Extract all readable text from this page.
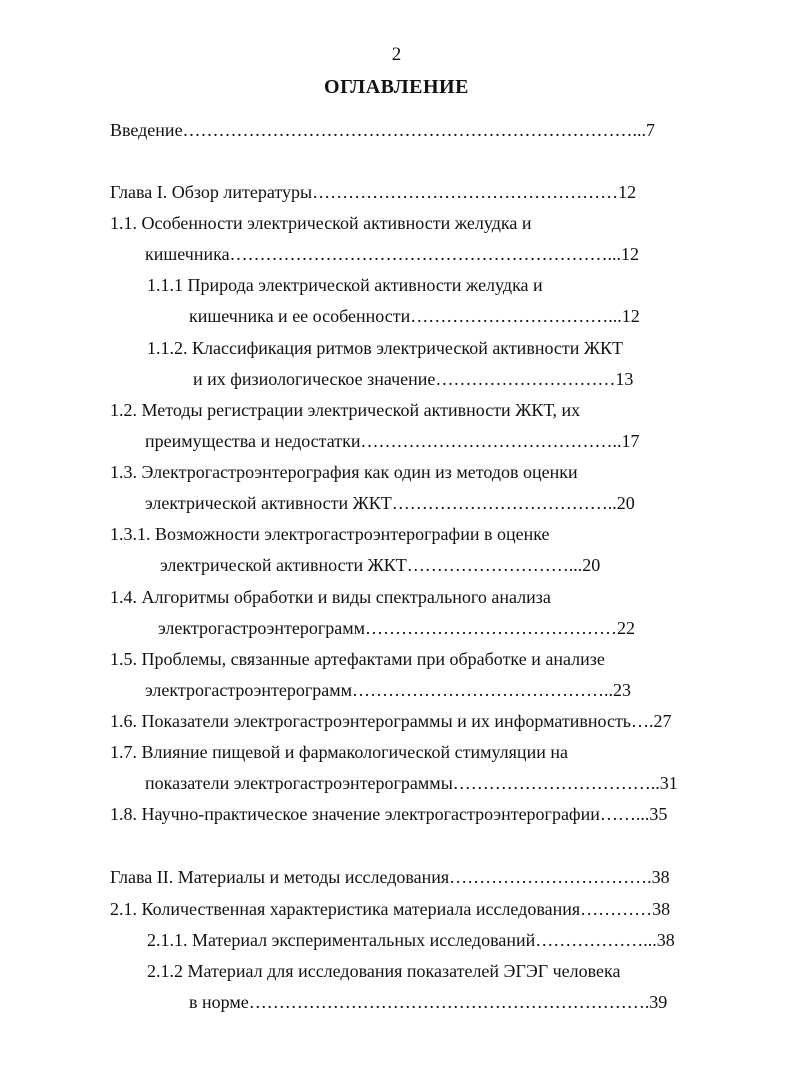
2
ОГЛАВЛЕНИЕ
Введение…………………………………………………………………...7
Глава I. Обзор литературы……………………………………………12
1.1. Особенности электрической активности желудка и
кишечника………………………………………………………...12
1.1.1 Природа электрической активности желудка и
кишечника и ее особенности……………………………...12
1.1.2. Классификация ритмов электрической активности ЖКТ
и их физиологическое значение…………………………13
1.2. Методы регистрации электрической активности ЖКТ, их
преимущества и недостатки……………………………………..17
1.3. Электрогастроэнтерография как один из методов оценки
электрической активности ЖКТ………………………………..20
1.3.1. Возможности электрогастроэнтерографии в оценке
электрической активности ЖКТ………………………...20
1.4. Алгоритмы обработки и виды спектрального анализа
электрогастроэнтерограмм……………………………………22
1.5. Проблемы, связанные артефактами при обработке и анализе
электрогастроэнтерограмм……………………………………..23
1.6. Показатели электрогастроэнтерограммы и их информативность….27
1.7. Влияние пищевой и фармакологической стимуляции на
показатели электрогастроэнтерограммы……………………………..31
1.8. Научно-практическое значение электрогастроэнтерографии……...35
Глава II. Материалы и методы исследования…………………………….38
2.1. Количественная характеристика материала исследования…………38
2.1.1. Материал экспериментальных исследований………………...38
2.1.2 Материал для исследования показателей ЭГЭГ человека
в норме………………………………………………………….39
